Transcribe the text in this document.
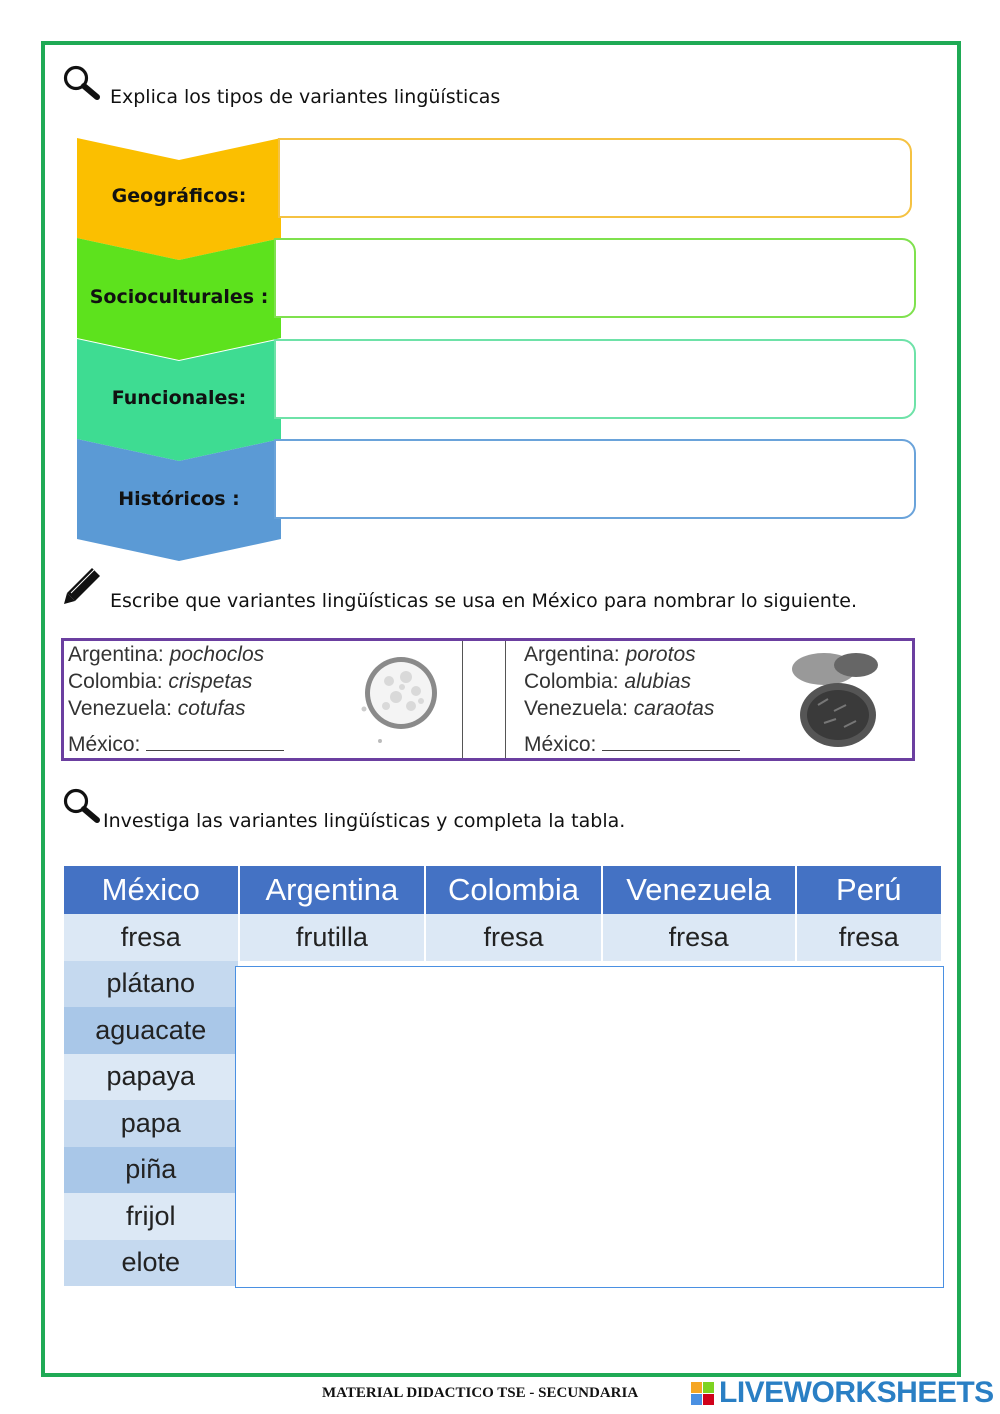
Explica los tipos de variantes lingüísticas
Geográficos:
Socioculturales :
Funcionales:
Históricos :
Escribe que variantes lingüísticas se usa en México para nombrar lo siguiente.
Argentina: pochoclos
Colombia: crispetas
Venezuela: cotufas
México:
Argentina: porotos
Colombia: alubias
Venezuela: caraotas
México:
Investiga las variantes lingüísticas y completa la tabla.
México	Argentina	Colombia	Venezuela	Perú
fresa	frutilla	fresa	fresa	fresa
plátano				
aguacate				
papaya				
papa				
piña				
frijol				
elote				
MATERIAL DIDACTICO TSE - SECUNDARIA	LIVEWORKSHEETS
